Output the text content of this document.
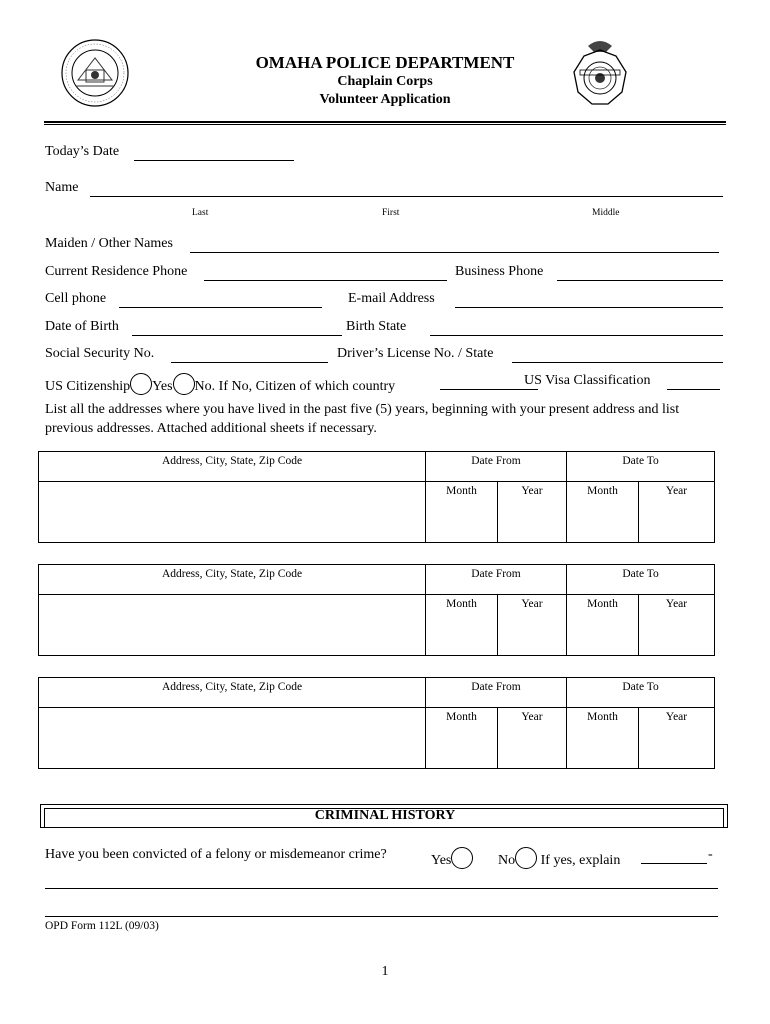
OMAHA POLICE DEPARTMENT
Chaplain Corps
Volunteer Application
Today’s Date
Name
Last	First	Middle
Maiden / Other Names
Current Residence Phone	Business Phone
Cell phone	E-mail Address
Date of Birth	Birth State
Social Security No.	Driver’s License No. / State
US Citizenship Yes No. If No, Citizen of which country	US Visa Classification
List all the addresses where you have lived in the past five (5) years, beginning with your present address and list previous addresses. Attached additional sheets if necessary.
Address, City, State, Zip Code	Date From		Date To	
	Month	Year	Month	Year
Address, City, State, Zip Code	Date From		Date To	
	Month	Year	Month	Year
Address, City, State, Zip Code	Date From		Date To	
	Month	Year	Month	Year
CRIMINAL HISTORY
Have you been convicted of a felony or misdemeanor crime?	Yes	No If yes, explain	-
OPD Form 112L (09/03)
1
